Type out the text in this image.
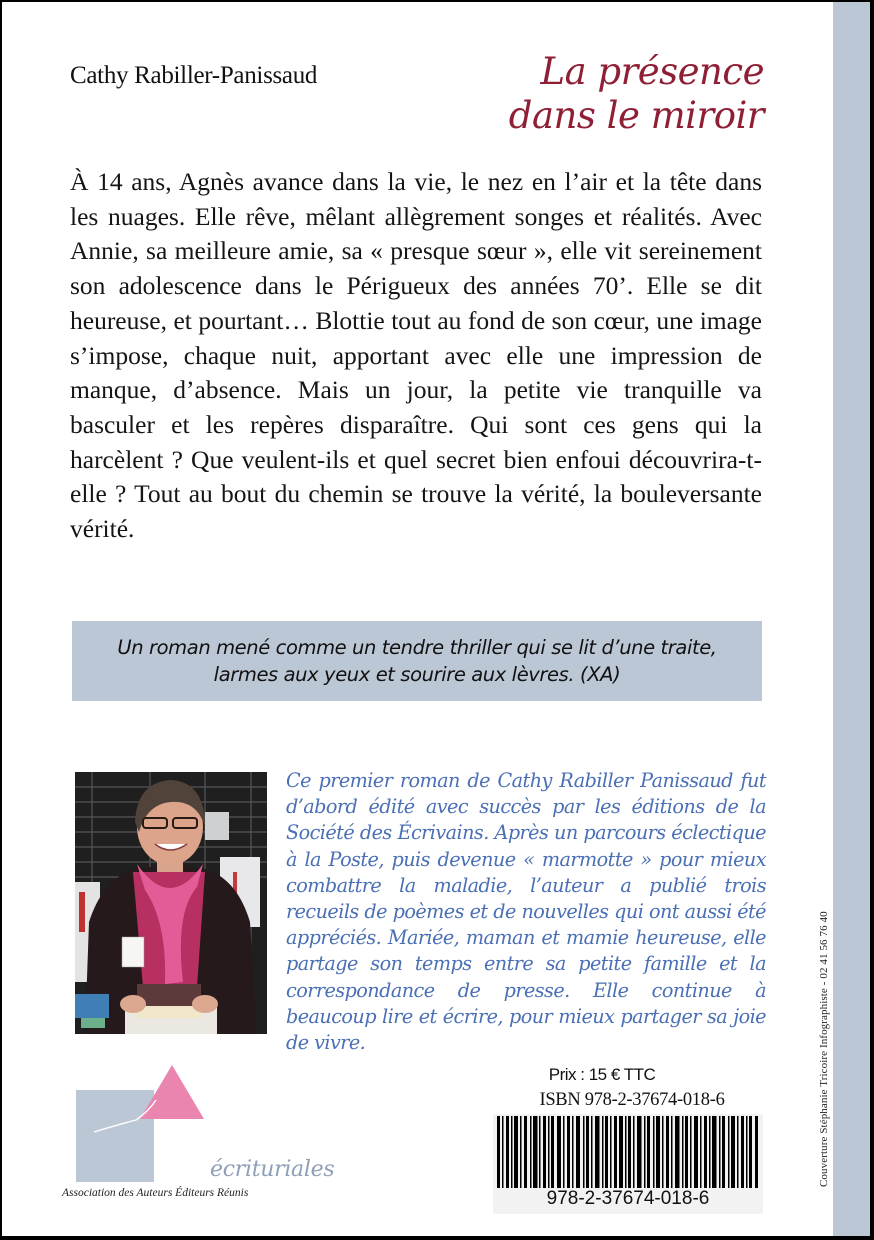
Cathy Rabiller-Panissaud	La présence
dans le miroir

À 14 ans, Agnès avance dans la vie, le nez en l’air et la tête dans les nuages. Elle rêve, mêlant allègrement songes et réalités. Avec Annie, sa meilleure amie, sa « presque sœur », elle vit sereinement son adolescence dans le Périgueux des années 70’. Elle se dit heureuse, et pourtant… Blottie tout au fond de son cœur, une image s’impose, chaque nuit, apportant avec elle une impression de manque, d’absence. Mais un jour, la petite vie tranquille va basculer et les repères disparaître. Qui sont ces gens qui la harcèlent ? Que veulent-ils et quel secret bien enfoui découvrira-t-elle ? Tout au bout du chemin se trouve la vérité, la bouleversante vérité.

Un roman mené comme un tendre thriller qui se lit d’une traite,
larmes aux yeux et sourire aux lèvres. (XA)

Ce premier roman de Cathy Rabiller Panissaud fut d’abord édité avec succès par les éditions de la Société des Écrivains. Après un parcours éclectique à la Poste, puis devenue « marmotte » pour mieux combattre la maladie, l’auteur a publié trois recueils de poèmes et de nouvelles qui ont aussi été appréciés. Mariée, maman et mamie heureuse, elle partage son temps entre sa petite famille et la correspondance de presse. Elle continue à beaucoup lire et écrire, pour mieux partager sa joie de vivre.

écrituriales
Association des Auteurs Éditeurs Réunis
Prix : 15 € TTC
ISBN 978-2-37674-018-6
978-2-37674-018-6
Couverture Stéphanie Tricoire Infographiste - 02 41 56 76 40
